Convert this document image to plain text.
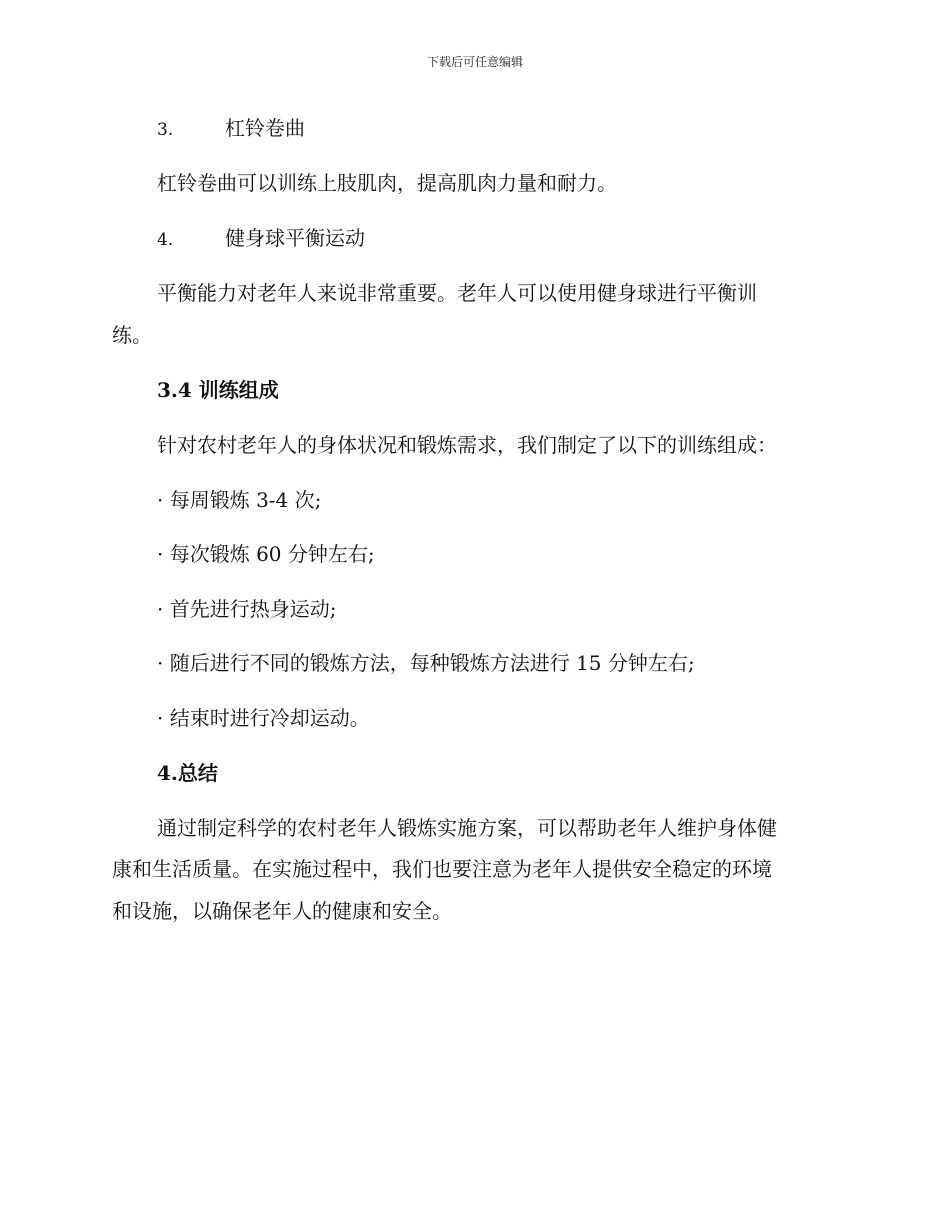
下载后可任意编辑
3.	杠铃卷曲
杠铃卷曲可以训练上肢肌肉，提高肌肉力量和耐力。
4.	健身球平衡运动
平衡能力对老年人来说非常重要。老年人可以使用健身球进行平衡训
练。
3.4 训练组成
针对农村老年人的身体状况和锻炼需求，我们制定了以下的训练组成：
· 每周锻炼 3-4 次;
· 每次锻炼 60 分钟左右;
· 首先进行热身运动;
· 随后进行不同的锻炼方法，每种锻炼方法进行 15 分钟左右;
· 结束时进行冷却运动。
4.总结
通过制定科学的农村老年人锻炼实施方案，可以帮助老年人维护身体健
康和生活质量。在实施过程中，我们也要注意为老年人提供安全稳定的环境
和设施，以确保老年人的健康和安全。
